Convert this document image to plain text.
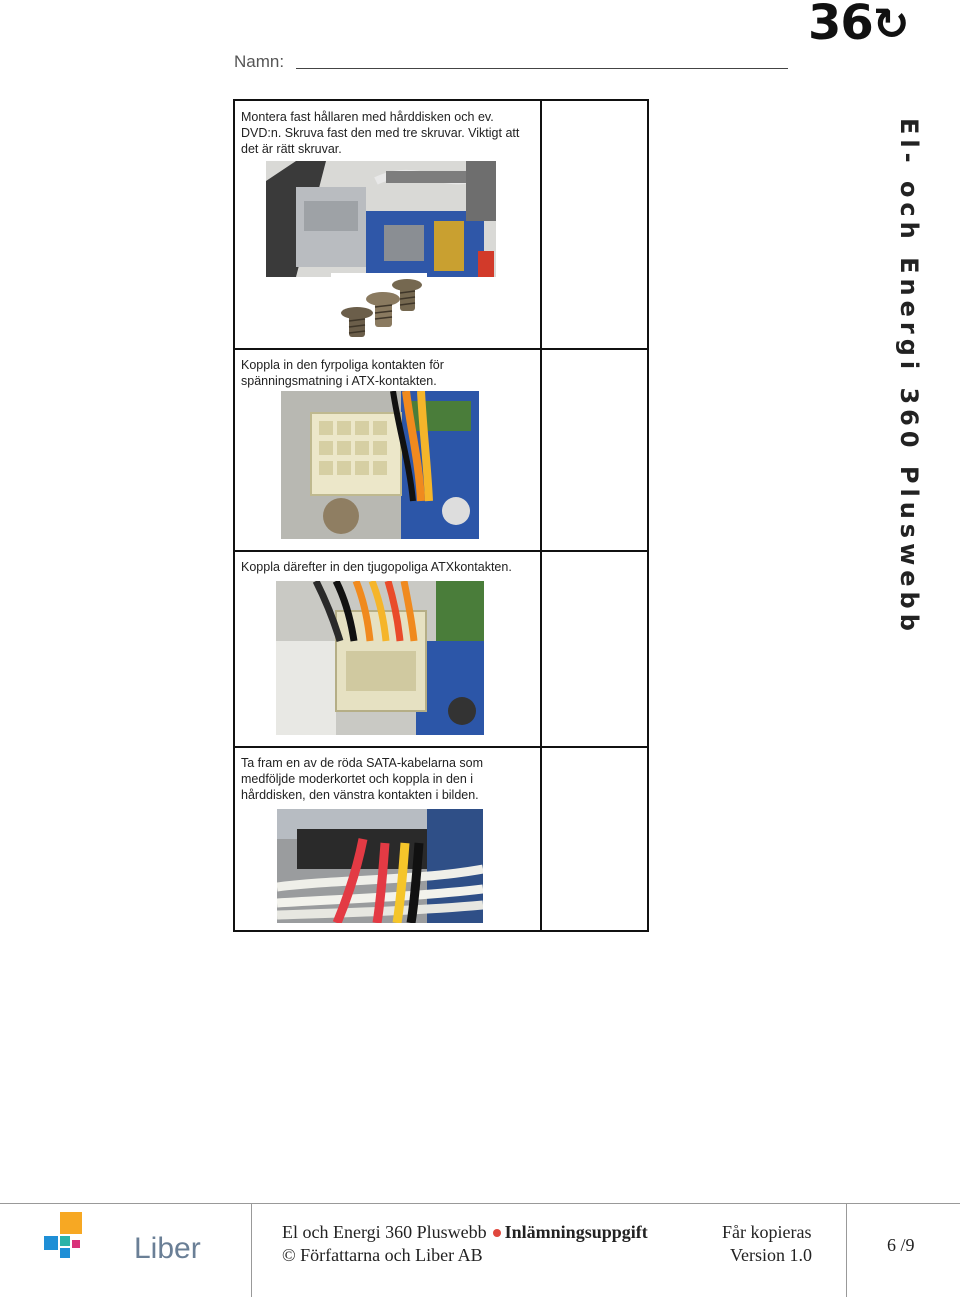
36↻
Namn:
Montera fast hållaren med hårddisken och ev. DVD:n. Skruva fast den med tre skruvar. Viktigt att det är rätt skruvar.
Koppla in den fyrpoliga kontakten för spänningsmatning i ATX-kontakten.
Koppla därefter in den tjugopoliga ATXkontakten.
Ta fram en av de röda SATA-kabelarna som medföljde moderkortet och koppla in den i hårddisken, den vänstra kontakten i bilden.
El- och Energi 360 Pluswebb
Liber	El och Energi 360 Pluswebb Inlämningsuppgift
© Författarna och Liber AB
Får kopieras
Version 1.0	6 /9
